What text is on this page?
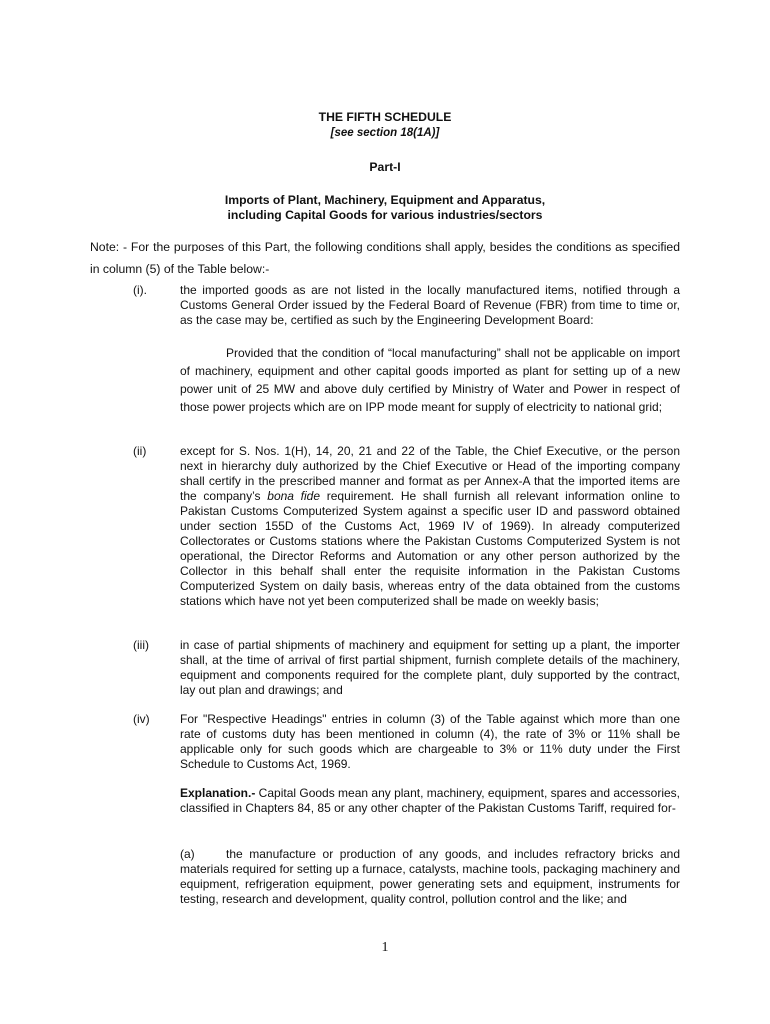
THE FIFTH SCHEDULE
[see section 18(1A)]
Part-I
Imports of Plant, Machinery, Equipment and Apparatus,
including Capital Goods for various industries/sectors
Note: - For the purposes of this Part, the following conditions shall apply, besides the conditions as specified in column (5) of the Table below:-
(i).	the imported goods as are not listed in the locally manufactured items, notified through a Customs General Order issued by the Federal Board of Revenue (FBR) from time to time or, as the case may be, certified as such by the Engineering Development Board:
Provided that the condition of “local manufacturing” shall not be applicable on import of machinery, equipment and other capital goods imported as plant for setting up of a new power unit of 25 MW and above duly certified by Ministry of Water and Power in respect of those power projects which are on IPP mode meant for supply of electricity to national grid;
(ii)	except for S. Nos. 1(H), 14, 20, 21 and 22 of the Table, the Chief Executive, or the person next in hierarchy duly authorized by the Chief Executive or Head of the importing company shall certify in the prescribed manner and format as per Annex-A that the imported items are the company’s bona fide requirement. He shall furnish all relevant information online to Pakistan Customs Computerized System against a specific user ID and password obtained under section 155D of the Customs Act, 1969 IV of 1969). In already computerized Collectorates or Customs stations where the Pakistan Customs Computerized System is not operational, the Director Reforms and Automation or any other person authorized by the Collector in this behalf shall enter the requisite information in the Pakistan Customs Computerized System on daily basis, whereas entry of the data obtained from the customs stations which have not yet been computerized shall be made on weekly basis;
(iii)	in case of partial shipments of machinery and equipment for setting up a plant, the importer shall, at the time of arrival of first partial shipment, furnish complete details of the machinery, equipment and components required for the complete plant, duly supported by the contract, lay out plan and drawings; and
(iv)	For "Respective Headings" entries in column (3) of the Table against which more than one rate of customs duty has been mentioned in column (4), the rate of 3% or 11% shall be applicable only for such goods which are chargeable to 3% or 11% duty under the First Schedule to Customs Act, 1969.
Explanation.- Capital Goods mean any plant, machinery, equipment, spares and accessories, classified in Chapters 84, 85 or any other chapter of the Pakistan Customs Tariff, required for-
(a)	the manufacture or production of any goods, and includes refractory bricks and materials required for setting up a furnace, catalysts, machine tools, packaging machinery and equipment, refrigeration equipment, power generating sets and equipment, instruments for testing, research and development, quality control, pollution control and the like; and
1
